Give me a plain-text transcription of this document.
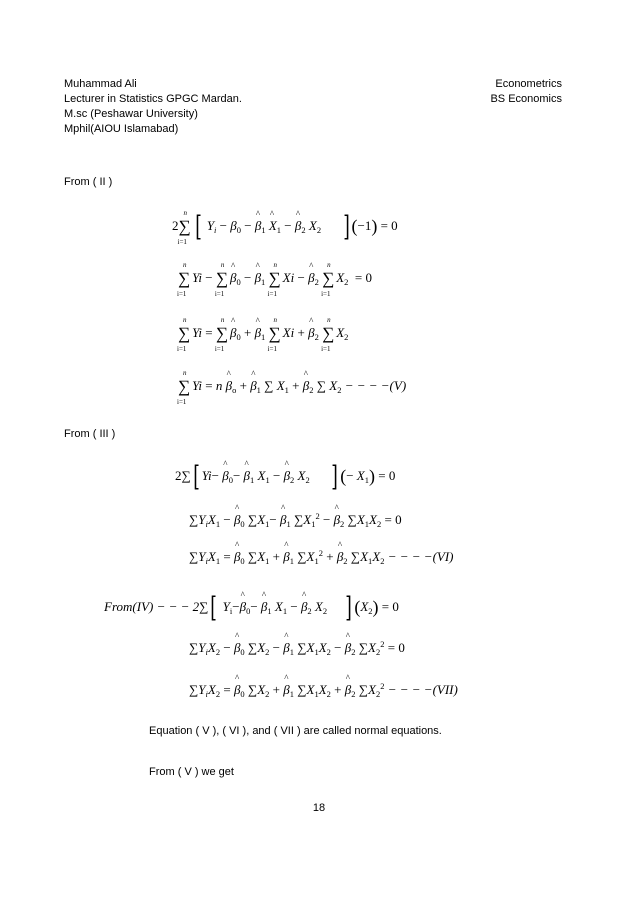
Muhammad Ali
Lecturer in Statistics GPGC Mardan.
M.sc (Peshawar University)
Mphil(AIOU Islamabad)
Econometrics
BS Economics
From ( II )
2∑
n
i=1 [ $Y_i - \beta_0$ − ^ $\beta_1$ ^ $X_1$ − ^ $\beta_2$ $X_2$ ] (−1) = 0
∑
n
i=1
Yi − ∑
n
i=1
^ $\beta_0$ − ^ $\beta_1$ ∑
n
i=1
Xi − ^ $\beta_2$ ∑
n
i=1
$X_2 = 0$
∑
n
i=1
Yi = ∑
n
i=1
^ $\beta_0$ + ^ $\beta_1$ ∑
n
i=1
Xi + ^ $\beta_2$ ∑
n
i=1
$X_2$
∑
n
i=1
Yi = n ^ $\beta_o$ + ^ $\beta_1$ ∑ $X_1$ + ^ $\beta_2$ ∑ $X_2$ − − − −(V)
From ( III )
2∑[ Yi− ^ $\beta_0-$ ^ $\beta_1$ $X_1$ − ^ $\beta_2$ $X_2$ ] (− $X_1) = 0$
$\sum Y_iX_1$ − ^ $\beta_0$ $\sum X_1-$ ^ $\beta_1$ $\sum X_1^2$ − ^ $\beta_2$ $\sum X_1X_2 = 0$
$\sum Y_iX_1$ = ^ $\beta_0$ $\sum X_1$ + ^ $\beta_1$ $\sum X_1^2$ + ^ $\beta_2$ $\sum X_1X_2$ − − − −(VI)
From(IV) − − − 2∑[ $Y_i-\^{}$ $\beta_0-$ ^ $\beta_1$ $X_1$ − ^ $\beta_2$ $X_2$ ] $(X_2) = 0$
$\sum Y_iX_2$ − ^ $\beta_0$ $\sum X_2$ − ^ $\beta_1$ $\sum X_1X_2$ − ^ $\beta_2$ $\sum X_2^2 = 0$
$\sum Y_iX_2$ = ^ $\beta_0$ $\sum X_2$ + ^ $\beta_1$ $\sum X_1X_2$ + ^ $\beta_2$ $\sum X_2^2$ − − − −(VII)
Equation ( V ), ( VI ), and ( VII ) are called normal equations.
From ( V ) we get
18
